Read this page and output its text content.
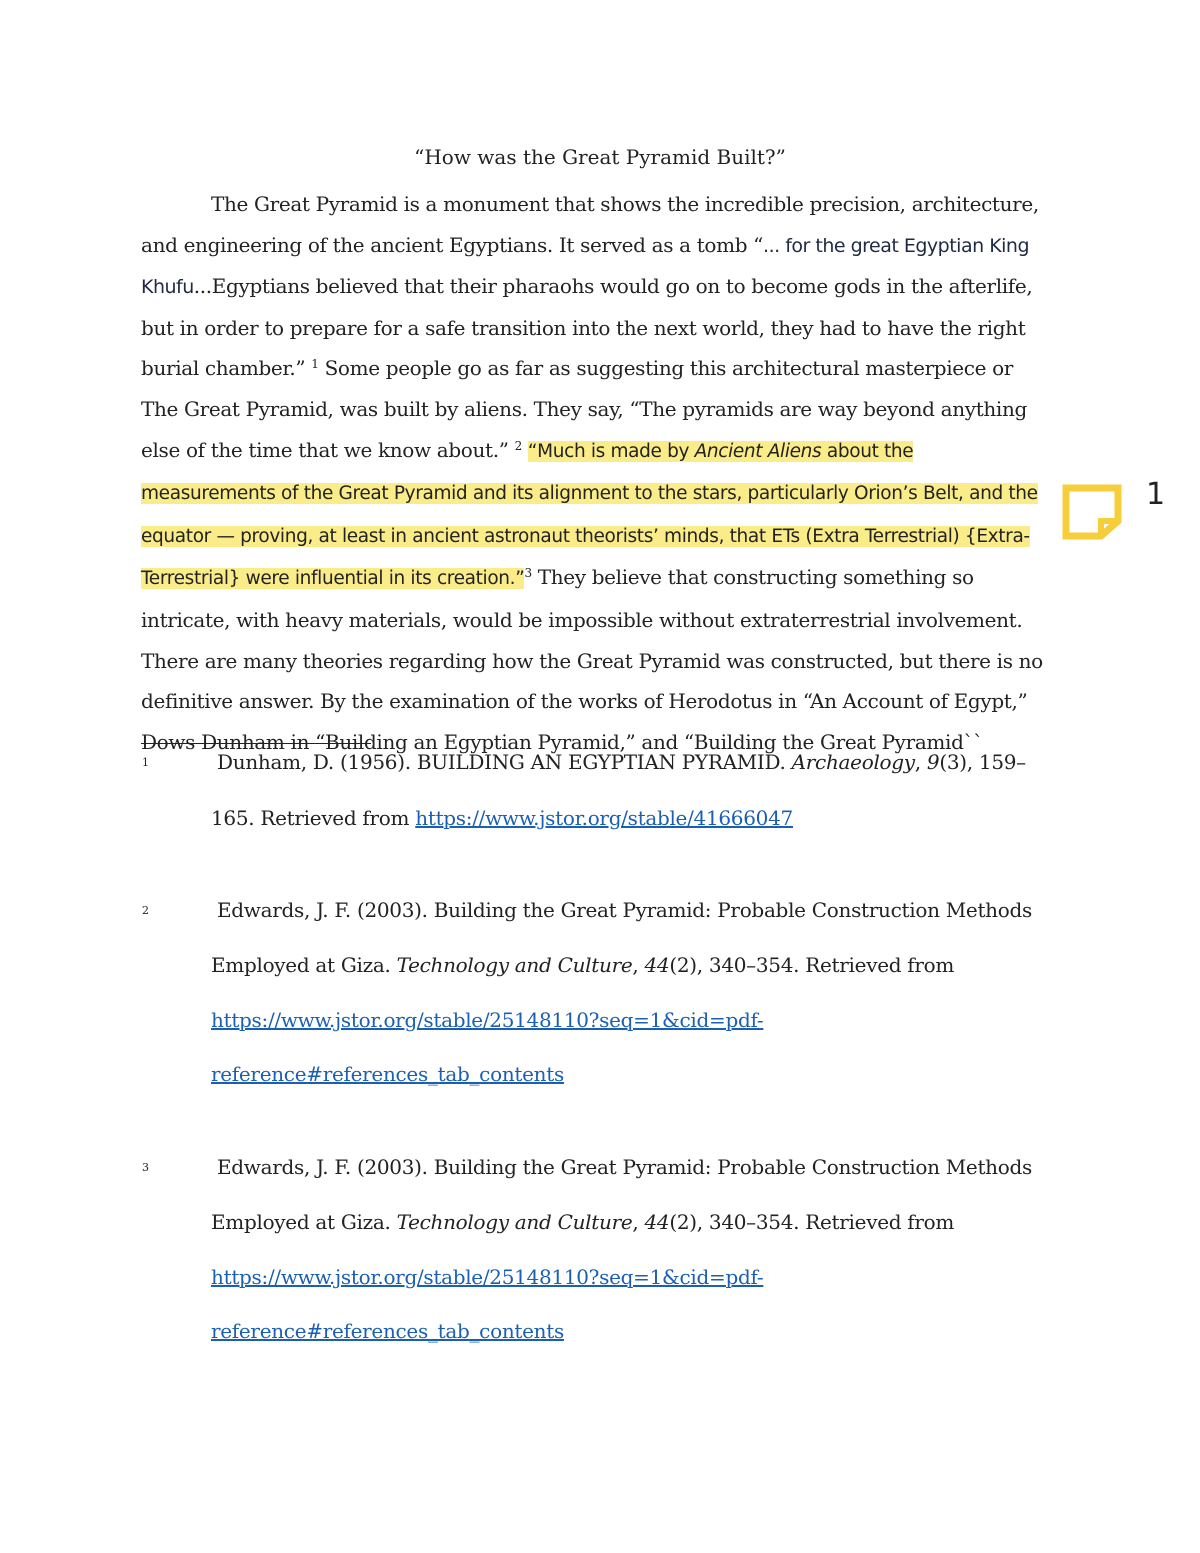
“How was the Great Pyramid Built?”
The Great Pyramid is a monument that shows the incredible precision, architecture, and engineering of the ancient Egyptians. It served as a tomb “... for the great Egyptian King Khufu...Egyptians believed that their pharaohs would go on to become gods in the afterlife, but in order to prepare for a safe transition into the next world, they had to have the right burial chamber.” $^1$ Some people go as far as suggesting this architectural masterpiece or The Great Pyramid, was built by aliens. They say, “The pyramids are way beyond anything else of the time that we know about.” $^2$ “Much is made by Ancient Aliens about the measurements of the Great Pyramid and its alignment to the stars, particularly Orion’s Belt, and the equator — proving, at least in ancient astronaut theorists’ minds, that ETs (Extra Terrestrial) {Extra-Terrestrial} were influential in its creation.”$^3$ They believe that constructing something so intricate, with heavy materials, would be impossible without extraterrestrial involvement. There are many theories regarding how the Great Pyramid was constructed, but there is no definitive answer. By the examination of the works of Herodotus in “An Account of Egypt,” Dows Dunham in “Building an Egyptian Pyramid,” and “Building the Great Pyramid``
1	Dunham, D. (1956). BUILDING AN EGYPTIAN PYRAMID. Archaeology, 9(3), 159–
165. Retrieved from https://www.jstor.org/stable/41666047
2	Edwards, J. F. (2003). Building the Great Pyramid: Probable Construction Methods
Employed at Giza. Technology and Culture, 44(2), 340–354. Retrieved from
https://www.jstor.org/stable/25148110?seq=1&cid=pdf-
reference#references_tab_contents
3	Edwards, J. F. (2003). Building the Great Pyramid: Probable Construction Methods
Employed at Giza. Technology and Culture, 44(2), 340–354. Retrieved from
https://www.jstor.org/stable/25148110?seq=1&cid=pdf-
reference#references_tab_contents
1
